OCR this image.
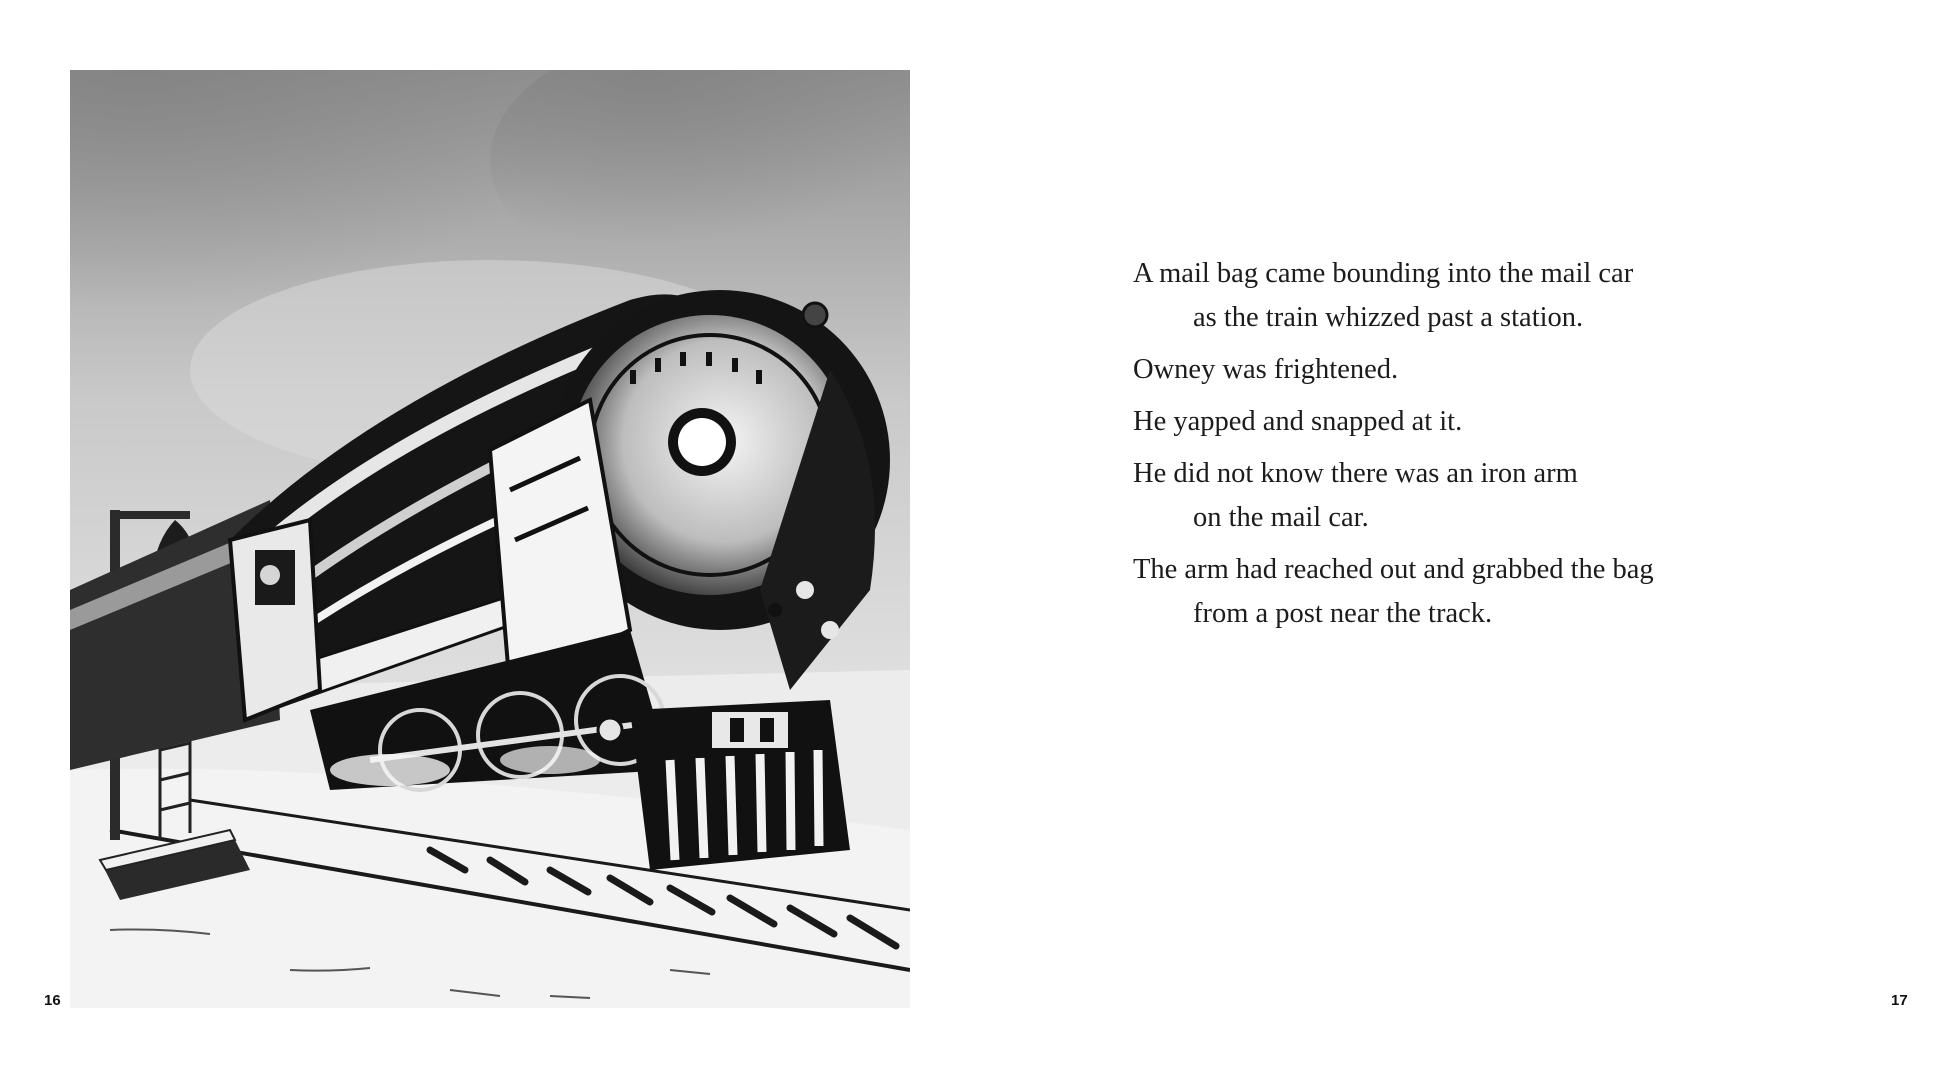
16	17

A mail bag came bounding into the mail car
as the train whizzed past a station.

Owney was frightened.

He yapped and snapped at it.

He did not know there was an iron arm
on the mail car.

The arm had reached out and grabbed the bag
from a post near the track.
